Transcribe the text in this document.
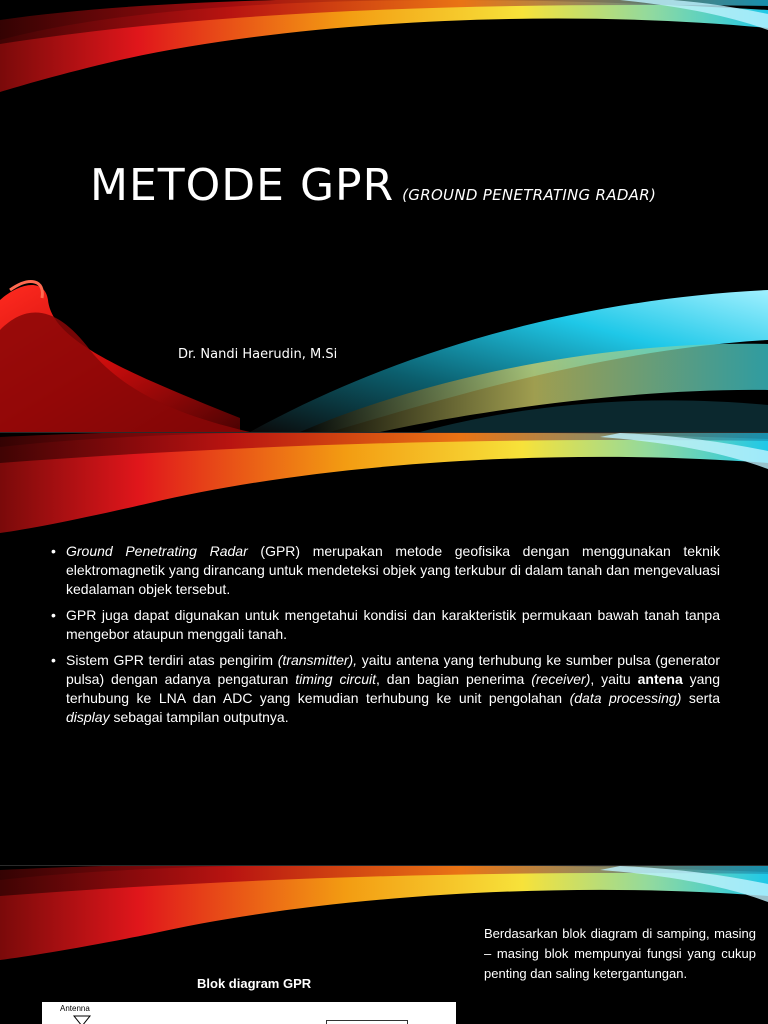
METODE GPR (GROUND PENETRATING RADAR)
Dr. Nandi Haerudin, M.Si
• Ground Penetrating Radar (GPR) merupakan metode geofisika dengan menggunakan teknik elektromagnetik yang dirancang untuk mendeteksi objek yang terkubur di dalam tanah dan mengevaluasi kedalaman objek tersebut.
• GPR juga dapat digunakan untuk mengetahui kondisi dan karakteristik permukaan bawah tanah tanpa mengebor ataupun menggali tanah.
• Sistem GPR terdiri atas pengirim (transmitter), yaitu antena yang terhubung ke sumber pulsa (generator pulsa) dengan adanya pengaturan timing circuit, dan bagian penerima (receiver), yaitu antena yang terhubung ke LNA dan ADC yang kemudian terhubung ke unit pengolahan (data processing) serta display sebagai tampilan outputnya.
Blok diagram GPR
Antenna
Berdasarkan blok diagram di samping, masing – masing blok mempunyai fungsi yang cukup penting dan saling ketergantungan.
